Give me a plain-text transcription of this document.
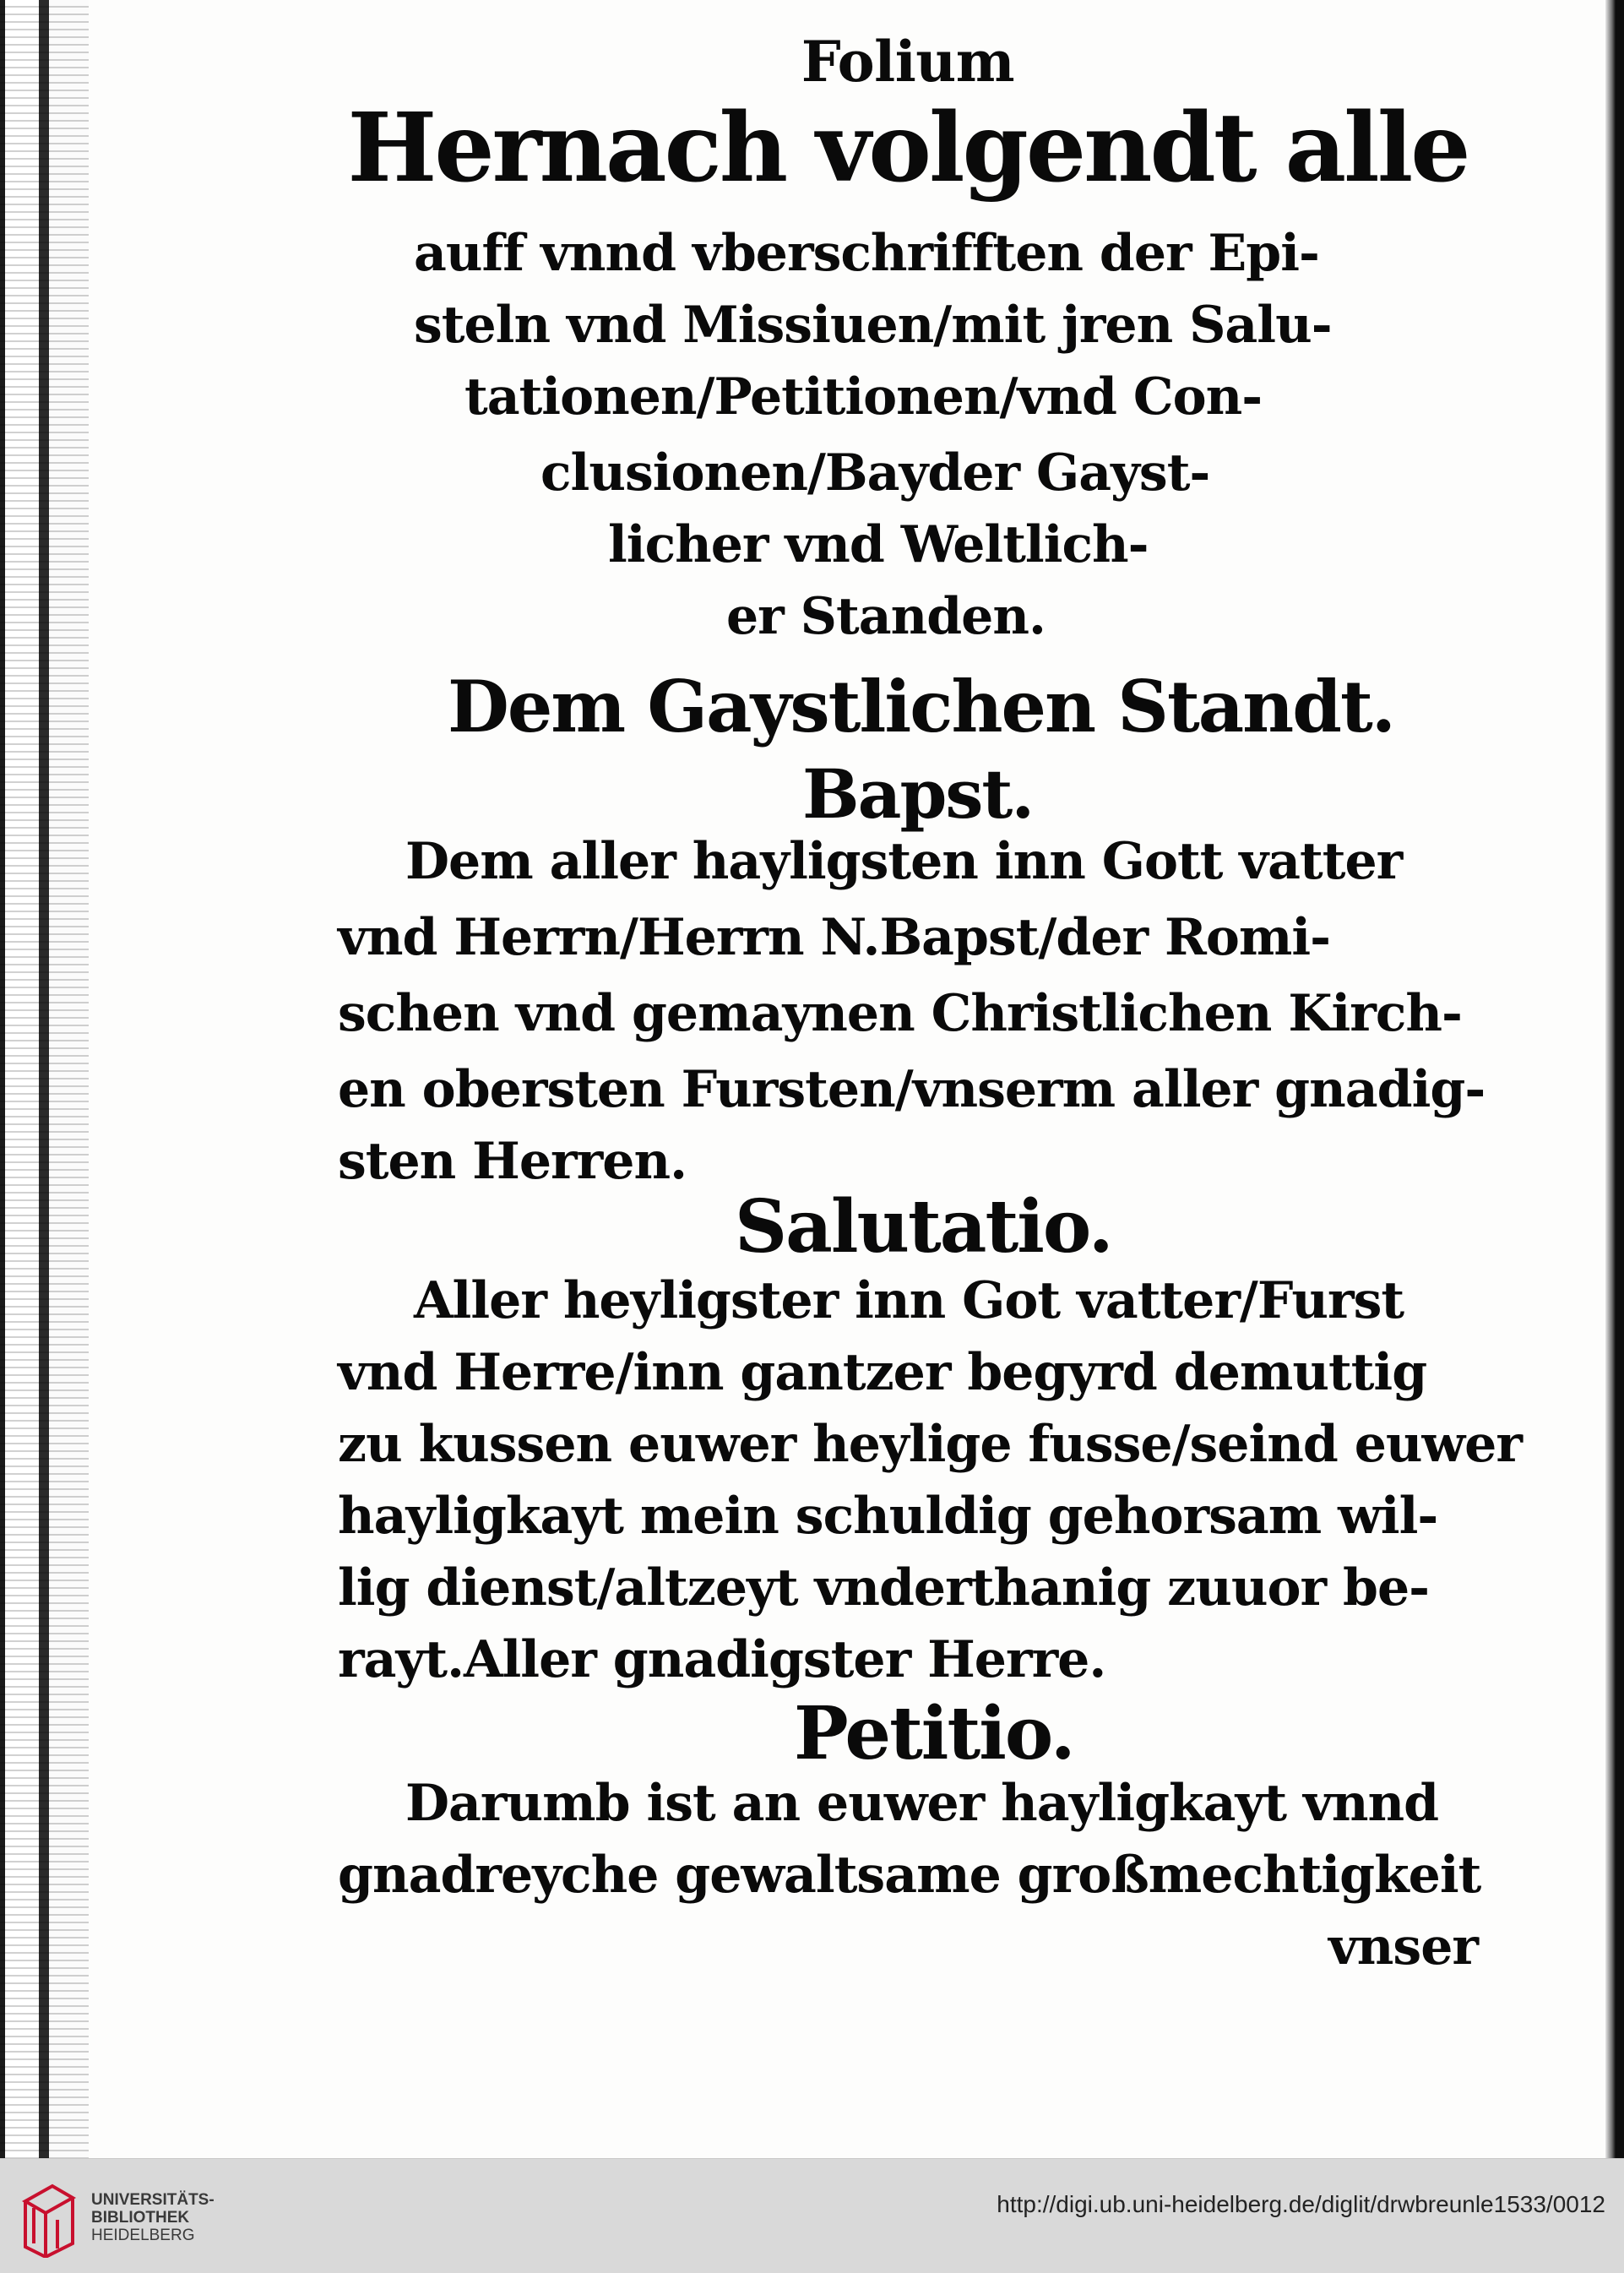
Folium
Hernach volgendt alle
auff vnnd vberschrifften der Epi-
steln vnd Missiuen/mit jren Salu-
tationen/Petitionen/vnd Con-
clusionen/Bayder Gayst-
licher vnd Weltlich-
er Standen.
Dem Gaystlichen Standt.
Bapst.
Dem aller hayligsten inn Gott vatter
vnd Herrn/Herrn N.Bapst/der Romi-
schen vnd gemaynen Christlichen Kirch-
en obersten Fursten/vnserm aller gnadig-
sten Herren.
Salutatio.
Aller heyligster inn Got vatter/Furst
vnd Herre/inn gantzer begyrd demuttig
zu kussen euwer heylige fusse/seind euwer
hayligkayt mein schuldig gehorsam wil-
lig dienst/altzeyt vnderthanig zuuor be-
rayt.Aller gnadigster Herre.
Petitio.
Darumb ist an euwer hayligkayt vnnd
gnadreyche gewaltsame großmechtigkeit
vnser
UNIVERSITÄTS-
BIBLIOTHEK
HEIDELBERG
http://digi.ub.uni-heidelberg.de/diglit/drwbreunle1533/0012
